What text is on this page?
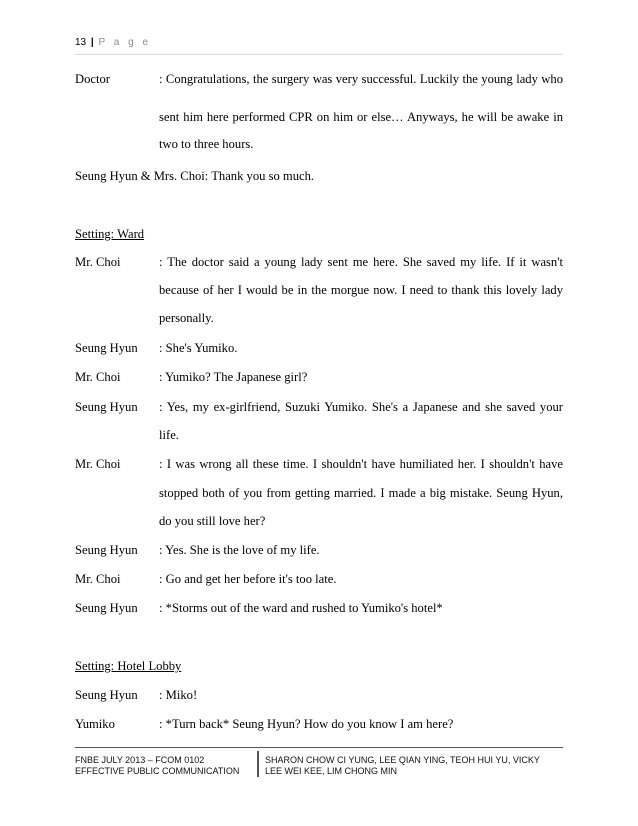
13 | P a g e
Doctor	: Congratulations, the surgery was very successful. Luckily the young lady who
sent him here performed CPR on him or else… Anyways, he will be awake in
two to three hours.
Seung Hyun & Mrs. Choi: Thank you so much.
Setting: Ward
Mr. Choi	: The doctor said a young lady sent me here. She saved my life. If it wasn't
because of her I would be in the morgue now. I need to thank this lovely lady
personally.
Seung Hyun : She's Yumiko.
Mr. Choi	: Yumiko? The Japanese girl?
Seung Hyun : Yes, my ex-girlfriend, Suzuki Yumiko. She's a Japanese and she saved your
life.
Mr. Choi	: I was wrong all these time. I shouldn't have humiliated her. I shouldn't have
stopped both of you from getting married. I made a big mistake. Seung Hyun,
do you still love her?
Seung Hyun : Yes. She is the love of my life.
Mr. Choi	: Go and get her before it's too late.
Seung Hyun : *Storms out of the ward and rushed to Yumiko's hotel*
Setting: Hotel Lobby
Seung Hyun : Miko!
Yumiko	: *Turn back* Seung Hyun? How do you know I am here?
FNBE JULY 2013 – FCOM 0102
EFFECTIVE PUBLIC COMMUNICATION
SHARON CHOW CI YUNG, LEE QIAN YING, TEOH HUI YU, VICKY
LEE WEI KEE, LIM CHONG MIN
